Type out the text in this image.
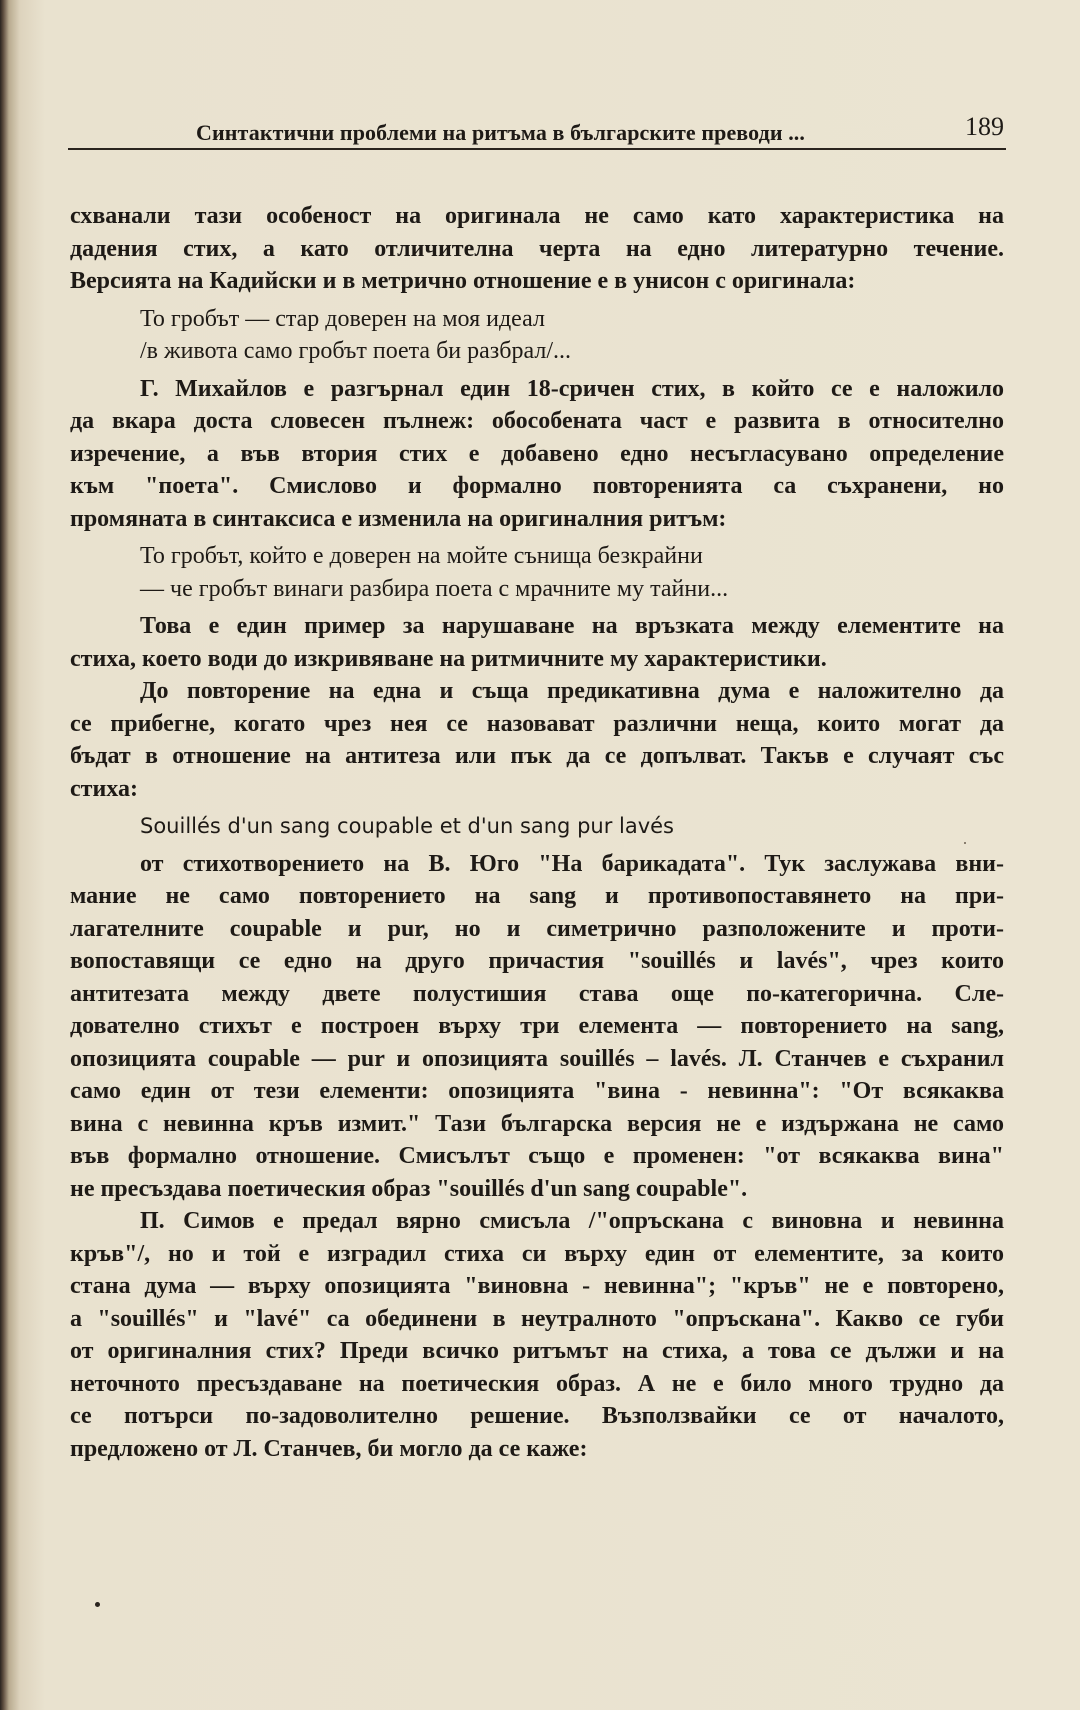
Синтактични проблеми на ритъма в българските преводи ...	189
схванали тази особеност на оригинала не само като характеристика на
дадения стих, а като отличителна черта на едно литературно течение.
Версията на Кадийски и в метрично отношение е в унисон с оригинала:
То гробът — стар доверен на моя идеал
/в живота само гробът поета би разбрал/...
Г. Михайлов е разгърнал един 18-сричен стих, в който се е наложило
да вкара доста словесен пълнеж: обособената част е развита в относително
изречение, а във втория стих е добавено едно несъгласувано определение
към "поета". Смислово и формално повторенията са съхранени, но
промяната в синтаксиса е изменила на оригиналния ритъм:
То гробът, който е доверен на мойте сънища безкрайни
— че гробът винаги разбира поета с мрачните му тайни...
Това е един пример за нарушаване на връзката между елементите на
стиха, което води до изкривяване на ритмичните му характеристики.
До повторение на една и съща предикативна дума е наложително да
се прибегне, когато чрез нея се назовават различни неща, които могат да
бъдат в отношение на антитеза или пък да се допълват. Такъв е случаят със
стиха:
Souillés d'un sang coupable et d'un sang pur lavés
от стихотворението на В. Юго "На барикадата". Тук заслужава вни-
мание не само повторението на sang и противопоставянето на при-
лагателните coupable и pur, но и симетрично разположените и проти-
вопоставящи се едно на друго причастия "souillés и lavés", чрез които
антитезата между двете полустишия става още по-категорична. Сле-
дователно стихът е построен върху три елемента — повторението на sang,
опозицията coupable — pur и опозицията souillés – lavés. Л. Станчев е съхранил
само един от тези елементи: опозицията "вина - невинна": "От всякаква
вина с невинна кръв измит." Тази българска версия не е издържана не само
във формално отношение. Смисълът също е променен: "от всякаква вина"
не пресъздава поетическия образ "souillés d'un sang coupable".
П. Симов е предал вярно смисъла /"опръскана с виновна и невинна
кръв"/, но и той е изградил стиха си върху един от елементите, за които
стана дума — върху опозицията "виновна - невинна"; "кръв" не е повторено,
а "souillés" и "lavé" са обединени в неутралното "опръскана". Какво се губи
от оригиналния стих? Преди всичко ритъмът на стиха, а това се дължи и на
неточното пресъздаване на поетическия образ. А не е било много трудно да
се потърси по-задоволително решение. Възползвайки се от началото,
предложено от Л. Станчев, би могло да се каже:
